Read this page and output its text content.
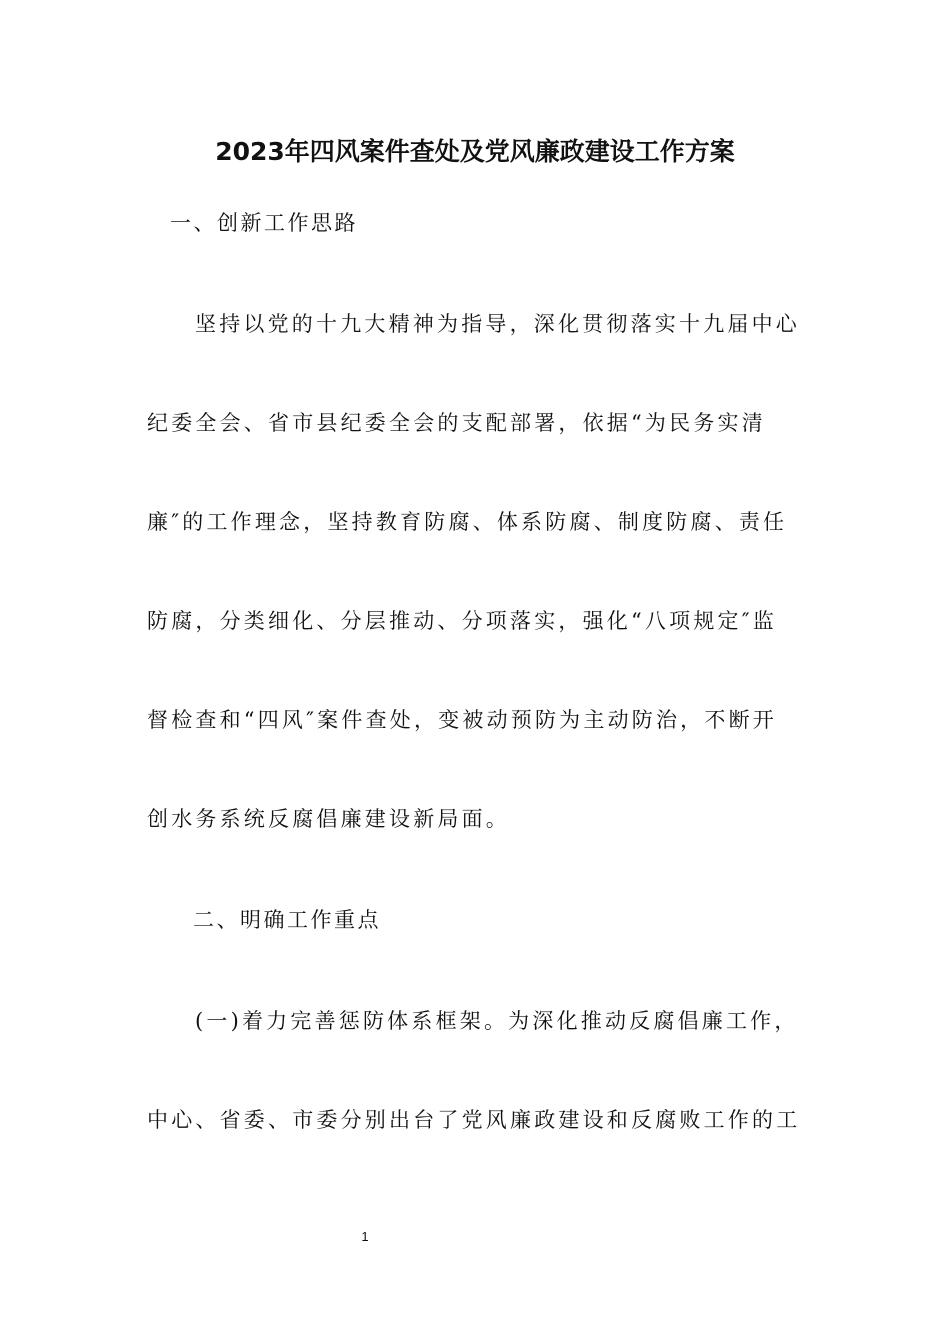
2023年四风案件查处及党风廉政建设工作方案
一、创新工作思路
坚持以党的十九大精神为指导，深化贯彻落实十九届中心
纪委全会、省市县纪委全会的支配部署，依据“为民务实清
廉″的工作理念，坚持教育防腐、体系防腐、制度防腐、责任
防腐，分类细化、分层推动、分项落实，强化“八项规定″监
督检查和“四风″案件查处，变被动预防为主动防治，不断开
创水务系统反腐倡廉建设新局面。
二、明确工作重点
(一)着力完善惩防体系框架。为深化推动反腐倡廉工作，
中心、省委、市委分别出台了党风廉政建设和反腐败工作的工
1
